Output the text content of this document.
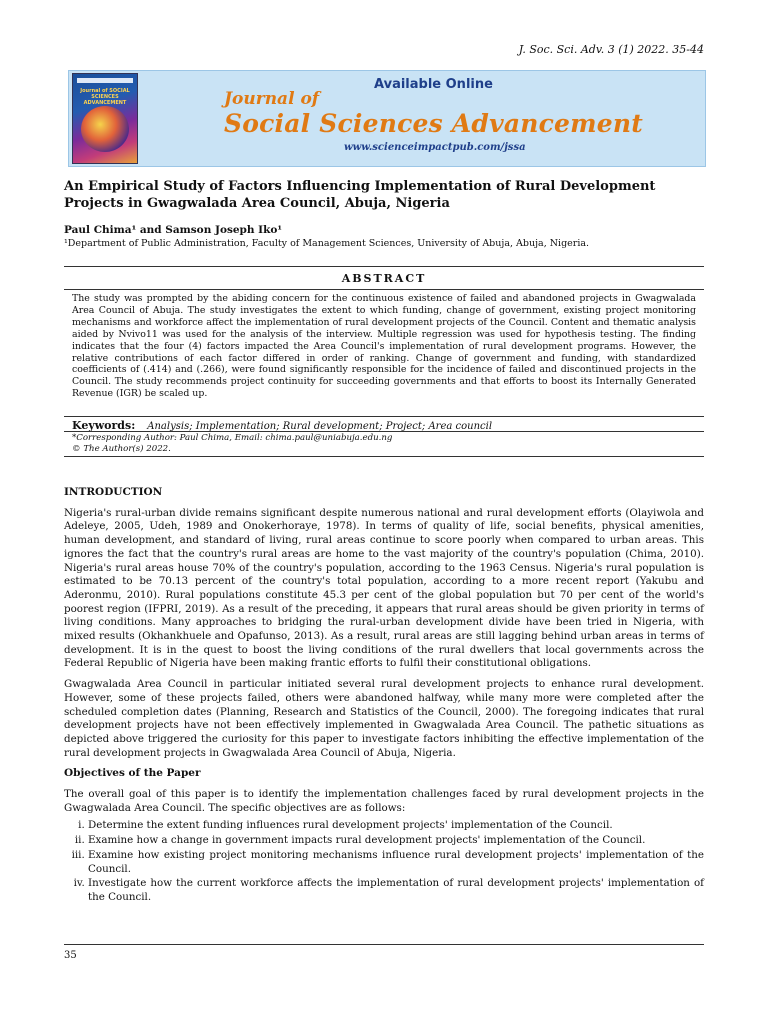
J. Soc. Sci. Adv. 3 (1) 2022. 35-44
Journal of SOCIAL SCIENCES ADVANCEMENT
Available Online
Journal of
Social Sciences Advancement
www.scienceimpactpub.com/jssa
An Empirical Study of Factors Influencing Implementation of Rural Development Projects in Gwagwalada Area Council, Abuja, Nigeria
Paul Chima¹ and Samson Joseph Iko¹
¹Department of Public Administration, Faculty of Management Sciences, University of Abuja, Abuja, Nigeria.
ABSTRACT
The study was prompted by the abiding concern for the continuous existence of failed and abandoned projects in Gwagwalada Area Council of Abuja. The study investigates the extent to which funding, change of government, existing project monitoring mechanisms and workforce affect the implementation of rural development projects of the Council. Content and thematic analysis aided by Nvivo11 was used for the analysis of the interview. Multiple regression was used for hypothesis testing. The finding indicates that the four (4) factors impacted the Area Council's implementation of rural development programs. However, the relative contributions of each factor differed in order of ranking. Change of government and funding, with standardized coefficients of (.414) and (.266), were found significantly responsible for the incidence of failed and discontinued projects in the Council. The study recommends project continuity for succeeding governments and that efforts to boost its Internally Generated Revenue (IGR) be scaled up.
Keywords: Analysis; Implementation; Rural development; Project; Area council
*Corresponding Author: Paul Chima, Email: chima.paul@uniabuja.edu.ng
© The Author(s) 2022.

INTRODUCTION

Nigeria's rural-urban divide remains significant despite numerous national and rural development efforts (Olayiwola and Adeleye, 2005, Udeh, 1989 and Onokerhoraye, 1978). In terms of quality of life, social benefits, physical amenities, human development, and standard of living, rural areas continue to score poorly when compared to urban areas. This ignores the fact that the country's rural areas are home to the vast majority of the country's population (Chima, 2010). Nigeria's rural areas house 70% of the country's population, according to the 1963 Census. Nigeria's rural population is estimated to be 70.13 percent of the country's total population, according to a more recent report (Yakubu and Aderonmu, 2010). Rural populations constitute 45.3 per cent of the global population but 70 per cent of the world's poorest region (IFPRI, 2019). As a result of the preceding, it appears that rural areas should be given priority in terms of living conditions. Many approaches to bridging the rural-urban development divide have been tried in Nigeria, with mixed results (Okhankhuele and Opafunso, 2013). As a result, rural areas are still lagging behind urban areas in terms of development. It is in the quest to boost the living conditions of the rural dwellers that local governments across the Federal Republic of Nigeria have been making frantic efforts to fulfil their constitutional obligations.

Gwagwalada Area Council in particular initiated several rural development projects to enhance rural development. However, some of these projects failed, others were abandoned halfway, while many more were completed after the scheduled completion dates (Planning, Research and Statistics of the Council, 2000). The foregoing indicates that rural development projects have not been effectively implemented in Gwagwalada Area Council. The pathetic situations as depicted above triggered the curiosity for this paper to investigate factors inhibiting the effective implementation of the rural development projects in Gwagwalada Area Council of Abuja, Nigeria.

Objectives of the Paper

The overall goal of this paper is to identify the implementation challenges faced by rural development projects in the Gwagwalada Area Council. The specific objectives are as follows:

i. Determine the extent funding influences rural development projects' implementation of the Council.
ii. Examine how a change in government impacts rural development projects' implementation of the Council.
iii. Examine how existing project monitoring mechanisms influence rural development projects' implementation of the Council.
iv. Investigate how the current workforce affects the implementation of rural development projects' implementation of the Council.
35
